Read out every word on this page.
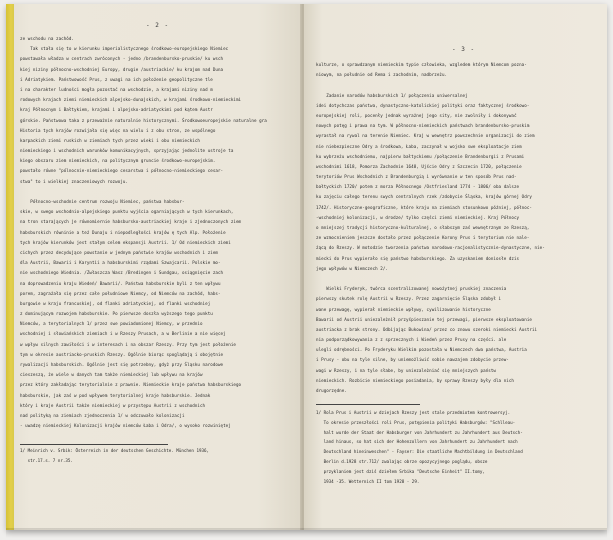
- 2 -
ze wschodu na zachód.
Tak stała się to w kierunku imperialistycznego środkowo-europejskiego Niemiec
powstawała władza w centrach zwróconych - jedno /brandenbursko-pruskie/ ku wsch
kiej niziny północno-wschodniej Europy, drugie /austriackie/ ku krajom nad Duna
i Adriatykiem. Państwowość Prus, z uwagi na ich położenie geopolityczne tle
i na charakter ludności mogła pozostać na wschodzie, a krajami niziny nad m
rodowych krajach ziemi niemieckich alpejsko-dunajskich, w krajami środkowo-niemieckimi
kraj Północnym i Bałtykiem, krajami i alpejsko-adriatyckimi pod kątem Austr
górskie. Państwowa taka z przeważnie naturalnie historycznymi. Środkowoeuropejskie naturalne gra
Historia tych krajów rozwijała się więc na wielu i z obu stron, ze wspólnego
karpackich ziemi ruskich w ziemiach tych przez wieki i obu niemieckich
niemieckiego i wschodnich warunków komunikacyjnych, sprzyjając jednolite ustroje ta
kiego obszaru ziem niemieckich, na politycznym gruncie środkowo-europejskim.
powstało równe "pólnocnie-niemieckiego cesarstwa i północno-niemieckiego cesar-
stwa" to i wielkiej znaczeniowych rozwoju.
Północno-wschodnie centrum rozwoju Niemiec, państwa habsbur-
skie, w swego wschodnio-alpejskiego punktu wyjścia ogarniających w tych kierunkach,
na tron starających je równomiernie habsbursko-austriackiej kraje i zjednoczonych ziem
habsburskich równinie a też Dunaju i niepodległości krajów ę tych Alp. Położenie
tych krajów kierunków jest stałym celem ekspansji Austrii. 1/ Od niemieckich ziemi
cichych przez decydujące powstanie w jednym państwie krajów wschodnich i ziem
dla Austrii, Bawarii i Karyntii a habsburskimi rządami Szwajcarii. Polskie mo-
nie wschodniego Wiednia. /Zwłaszcza Wasz /Bredingen i Sundgau, osiągnięcie zach
na doprowadzeniu kraju Wiedeń/ Bawarii/. Państwa habsburskie byli z ten wpływu
porem, zagrażała się przez całe południowe Niemcy, od Niemców na zachód, habs-
burgowie w kraju francuskiej, od flanki adriatyckiej, od flanki wschodniej
z dominującym rozwojem habsburskie. Po pierwsze doszła wyższego tego punktu
Niemców, a terytorialnych 1/ przez swe powiadomionej Niemcy, w przednio
wschodniej i słowiańskich ziemiach i w Rzeszy Prusach, a w Berlinie a nie więcej
w wpływ silnych zawiłości i w interesach i na obszar Rzeszy. Przy tym jest położenie
tym w okresie austriacko-pruskich Rzeszy. Ogólnie biorąc spoglądają i obojętnie
rywalizacji habsburskich. Ogólnie jest się potrzebny, gdyż przy Śląsku narodowe
cieszeszą, że wiele w danych tam także niemieckiej lub wpływu na krajów
przez który zakładając terytorialnie z prawnie. Niemieckie kraje państwa habsburskiego
habsburskie, jak zaś w pod wpływem terytorialnej kraje habsburskie. Jednak
który i kraje Austrii także niemieckiej w przystępu Austrii z wschodnich
nad polityką na ziemiach zjednoczenia 1/ w odczuwało kolonizacji
- uwadzę niemieckiej Kolonizacji krajów niemców Łaba i Odra/, o wysoko rozwiniętej
1/ Meinrich v. Srbik: Österreich in der deutschen Geschichte. München 1936,
str.17.s. 7 nr.35.
- 3 -
kulturze, o sprawdzanym niemieckim typie człowieka, wzgledem którym Niemcom pozna-
niowym, na południe od Rema i zachodnim, nadbrzeżu.
Zadanie narodów habsburskich 1/ połączenia uniwersalnej
idei dotychczas państwa, dynastyczno-katolickiej polityki oraz faktycznej środkowo-
europejskiej roli, pocenły jednak wyrażnej jego sity, nie zwolniły i dokonywać
nowych potęg i prawa na tym. W północno-niemieckich państwach brandenbursko-pruskim
wyrastał na rywal na terenie Niemiec. Kraj w wewnętrz powszechnie organizacji do ziem
nie niebezpieczne Odry a środkowa, Łaba, zaczynał w wojsko swe eksploatacje ziem
ku wybrzeżu wschodniemu, najpierw bałtyckiemu /połączenie Brandenburgii z Prusami
wschodnimi 1618, Pomorza Zachodnie 1648, Ujście Odry z Szczecin 1720, połączenie
terytoriów Prus Wschodnich z Brandenburgią i wyrównanie w ten sposób Prus nad-
bałtyckich 1720/ potem z morza Północnego /Ostfriesland 1774 - 1806/ oba dalsze
ku zajęciu całego terenu swych centralnych rzek /zdobycie Śląska, krajów górnej Odry
1742/. Historyczne-geograficzne, które kraju na ziemiach stosunkowo później, północ-
-wschodniej kolonizacji, w drodze/ tylko części ziemi niemieckiej. Kraj Północy
o mniejszej tradycji historyczno-kulturalnej, o słabszym zaś wewnętrznym ze Rzeszą,
ze wzmocnieniem jeszcze dostało przez połączenie Korony Prus i terytorium nie nale-
żącą do Rzeszy. W motodzie tworzenia państwa narodowo-racjonalistycznie-dynastyczne, nie-
miecki do Prus wypierało się państwo habsburskiego. Za uzyskaniem doniosłe dzis
jego wpływów w Niemczech 2/.
Wielki Fryderyk, twórca scentralizowanej nowożytnej pruskiej znaczenia
pierwszy skutek rolę Austrii w Rzeszy. Przez zagarnięcie Śląska zdobył i
wane przewagę, wypierał niemieckie wpływy, cywilizowanie historyczne
Bawarii od Austrii uniezależnił przyśpieszanie tej przewagi, pierwsze eksploatowanie
austriacka z brak strony. Odbijając Bukowina/ przez co znowu szeroki niemiecki Austrii
nia podporządkowywania z z sprzecznych i Wiedeń przez Prusy na części. ale
ulegli odrębności. Po Fryderyku Wielkim pozostała w Niemczech dwa państwa, Austria
i Prusy - obu na tyle silne, by uniemożliwić sobie nawzajem zdobycie przew-
wagi w Rzeszy, i na tyle słabe, by uniezależniać się mniejszych państw
niemieckich. Rozbicie niemieckiego posiadania, by sprawy Rzeszy były dla nich
drugorzędne.
1/ Rola Prus i Austrii w dziejach Rzeszy jest stale przedmiotem kontrowersyj.
To okresie przeszłości roli Prus, potępienia polityki Habsburgów: "Schlleau-
halt wurde der Staat der Habsburger von Jahrhundert zu Jahrhundert aus Deutsch-
land hinaus, so hat sich der Hohenzollern von Jahrhundert zu Jahrhundert nach
Deutschland hineinweschen" - Fayser: Die staatliche Machtbildung in Deutschland
Berlin d.1928 str.712/ zwalając obrze opozycyjnego poglądu, obsze
przyklaniem jest dziś dziełem Srbika "Deutsche Einheit" II.tomy,
1934 -35. Wetternich II tom 1928 - 29.
